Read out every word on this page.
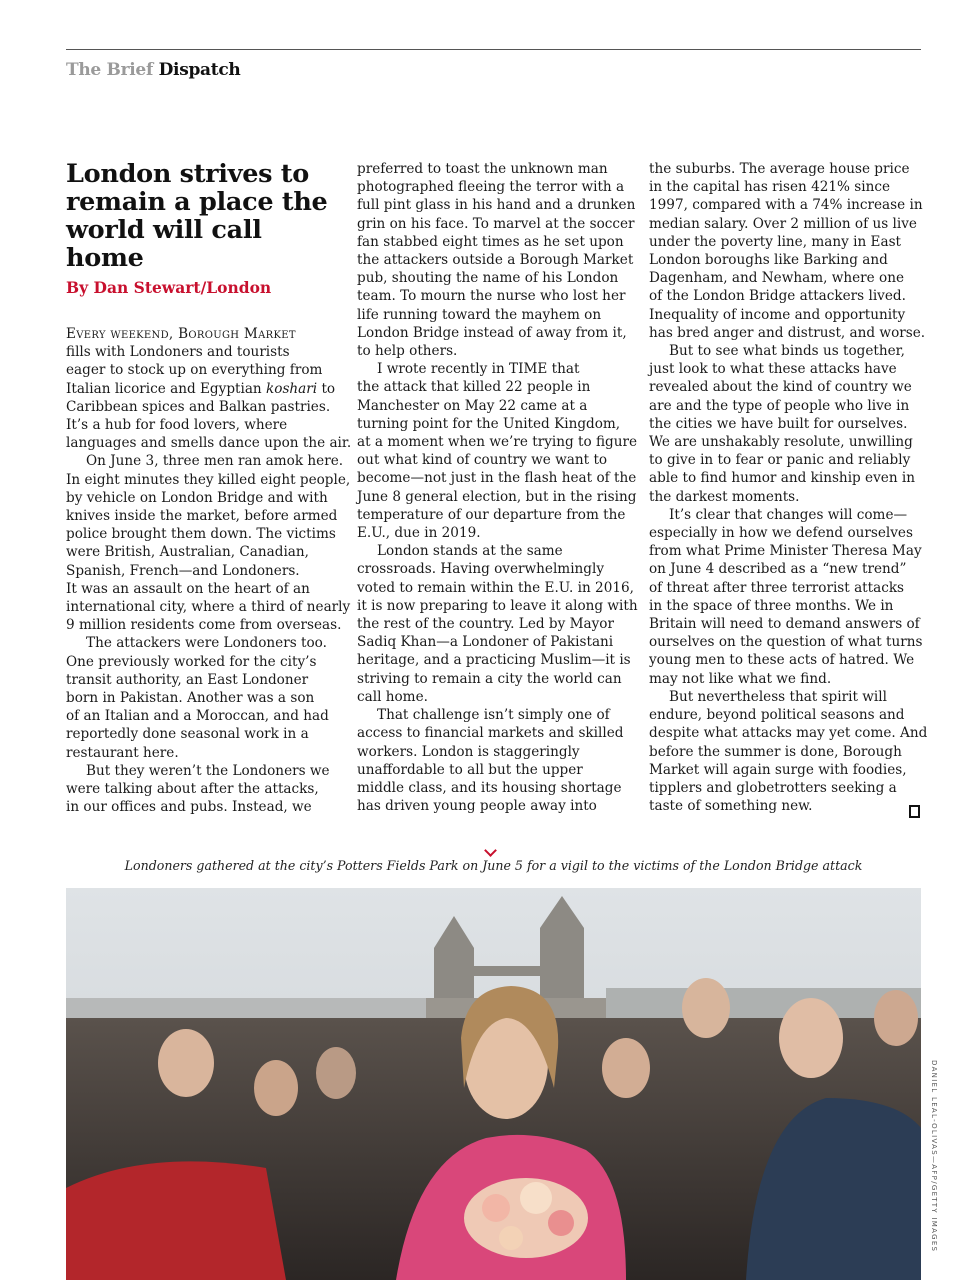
The Brief Dispatch
London strives to remain a place the world will call home
By Dan Stewart/London

Every weekend, Borough Market

fills with Londoners and tourists

eager to stock up on everything from

Italian licorice and Egyptian koshari to

Caribbean spices and Balkan pastries.

It’s a hub for food lovers, where

languages and smells dance upon the air.

On June 3, three men ran amok here.

In eight minutes they killed eight people,

by vehicle on London Bridge and with

knives inside the market, before armed

police brought them down. The victims

were British, Australian, Canadian,

Spanish, French—and Londoners.

It was an assault on the heart of an

international city, where a third of nearly

9 million residents come from overseas.

The attackers were Londoners too.

One previously worked for the city’s

transit authority, an East Londoner

born in Pakistan. Another was a son

of an Italian and a Moroccan, and had

reportedly done seasonal work in a

restaurant here.

But they weren’t the Londoners we

were talking about after the attacks,

in our offices and pubs. Instead, we

preferred to toast the unknown man

photographed fleeing the terror with a

full pint glass in his hand and a drunken

grin on his face. To marvel at the soccer

fan stabbed eight times as he set upon

the attackers outside a Borough Market

pub, shouting the name of his London

team. To mourn the nurse who lost her

life running toward the mayhem on

London Bridge instead of away from it,

to help others.

I wrote recently in TIME that

the attack that killed 22 people in

Manchester on May 22 came at a

turning point for the United Kingdom,

at a moment when we’re trying to figure

out what kind of country we want to

become—not just in the flash heat of the

June 8 general election, but in the rising

temperature of our departure from the

E.U., due in 2019.

London stands at the same

crossroads. Having overwhelmingly

voted to remain within the E.U. in 2016,

it is now preparing to leave it along with

the rest of the country. Led by Mayor

Sadiq Khan—a Londoner of Pakistani

heritage, and a practicing Muslim—it is

striving to remain a city the world can

call home.

That challenge isn’t simply one of

access to financial markets and skilled

workers. London is staggeringly

unaffordable to all but the upper

middle class, and its housing shortage

has driven young people away into

the suburbs. The average house price

in the capital has risen 421% since

1997, compared with a 74% increase in

median salary. Over 2 million of us live

under the poverty line, many in East

London boroughs like Barking and

Dagenham, and Newham, where one

of the London Bridge attackers lived.

Inequality of income and opportunity

has bred anger and distrust, and worse.

But to see what binds us together,

just look to what these attacks have

revealed about the kind of country we

are and the type of people who live in

the cities we have built for ourselves.

We are unshakably resolute, unwilling

to give in to fear or panic and reliably

able to find humor and kinship even in

the darkest moments.

It’s clear that changes will come—

especially in how we defend ourselves

from what Prime Minister Theresa May

on June 4 described as a “new trend”

of threat after three terrorist attacks

in the space of three months. We in

Britain will need to demand answers of

ourselves on the question of what turns

young men to these acts of hatred. We

may not like what we find.

But nevertheless that spirit will

endure, beyond political seasons and

despite what attacks may yet come. And

before the summer is done, Borough

Market will again surge with foodies,

tipplers and globetrotters seeking a

taste of something new.

Londoners gathered at the city’s Potters Fields Park on June 5 for a vigil to the victims of the London Bridge attack
DANIEL LEAL-OLIVAS—AFP/GETTY IMAGES
